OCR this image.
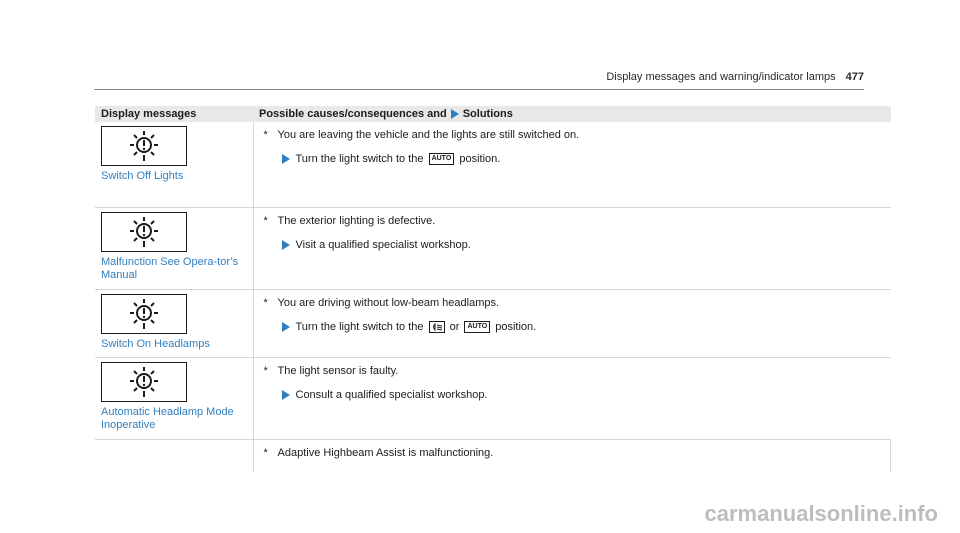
Display messages and warning/indicator lamps 477
Display messages	Possible causes/consequences and Solutions

Switch Off Lights	* You are leaving the vehicle and the lights are still switched on.
Turn the light switch to the AUTO position.

Malfunction See Opera-tor’s Manual	* The exterior lighting is defective.
Visit a qualified specialist workshop.

Switch On Headlamps	* You are driving without low-beam headlamps.
Turn the light switch to the or AUTO position.

Automatic Headlamp Mode Inoperative	* The light sensor is faulty.
Consult a qualified specialist workshop.

	* Adaptive Highbeam Assist is malfunctioning.
carmanualsonline.info
